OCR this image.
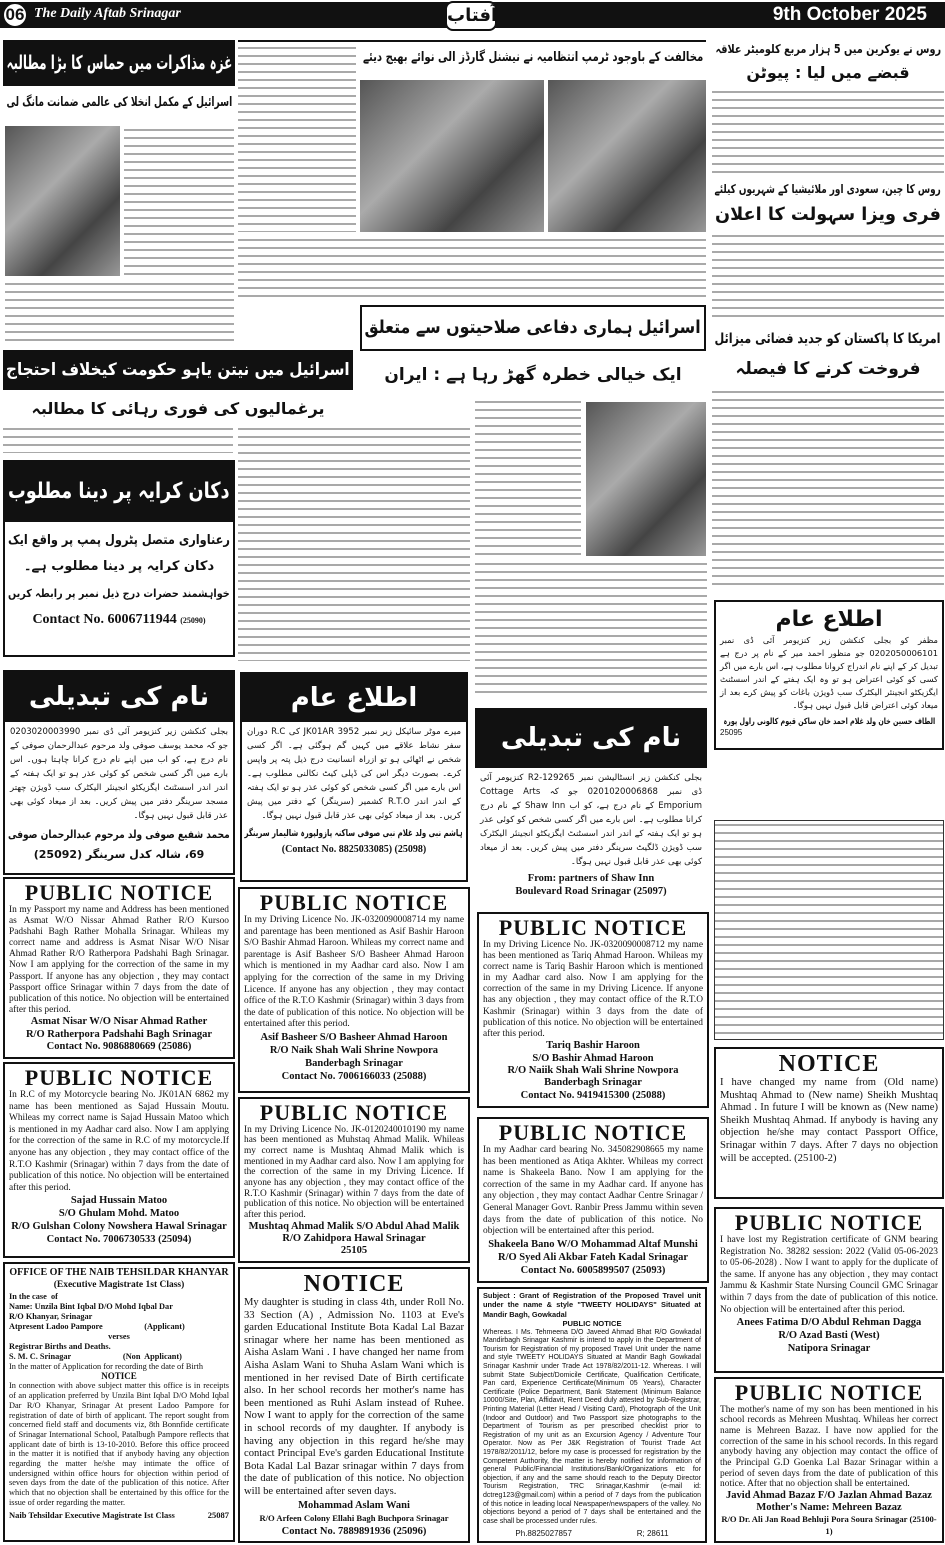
06 The Daily Aftab Srinagar	آفتاب	9th October 2025
غزہ مذاکرات میں حماس کا بڑا مطالبہ
اسرائیل کے مکمل انخلا کی عالمی ضمانت مانگ لی
مخالفت کے باوجود ٹرمپ انتظامیہ نے نیشنل گارڈز الی نوائے بھیج دیئے
روس نے یوکرین میں 5 ہزار مربع کلومیٹر علاقہ
قبضے میں لیا : پیوٹن
روس کا چین، سعودی اور ملائیشیا کے شہریوں کیلئے
فری ویزا سہولت کا اعلان
امریکا کا پاکستان کو جدید فضائی میزائل
فروخت کرنے کا فیصلہ
اسرائیل میں نیتن یاہو حکومت کیخلاف احتجاج
یرغمالیوں کی فوری رہائی کا مطالبہ
اسرائیل ہماری دفاعی صلاحیتوں سے متعلق
ایک خیالی خطرہ گھڑ رہا ہے : ایران
دکان کرایہ پر دینا مطلوب
رعناواری متصل پٹرول پمپ پر واقع ایک
دکان کرایہ پر دینا مطلوب ہے۔
خواہشمند حضرات درج ذیل نمبر پر رابطہ کریں
Contact No. 6006711944 (25090)
نام کی تبدیلی
بجلی کنکشن زیر کنزیومر آئی ڈی نمبر 0203020003990 جو کہ محمد یوسف صوفی ولد مرحوم عبدالرحمان صوفی کے نام درج ہے، کو اب میں اپنے نام درج کرانا چاہتا ہوں۔ اس بارے میں اگر کسی شخص کو کوئی عذر ہو تو ایک ہفتہ کے اندر اندر اسسٹنٹ ایگزیکٹو انجینئر الیکٹرک سب ڈویژن چھتر مسجد سرینگر دفتر میں پیش کریں۔ بعد از میعاد کوئی بھی عذر قابل قبول نہیں ہوگا۔
محمد شفیع صوفی ولد مرحوم عبدالرحمان صوفی
69، شالہ کدل سرینگر (25092)
اطلاع عام
میرے موٹر سائیکل زیر نمبر JK01AR 3952 کی R.C دوران سفر نشاط علاقے میں کہیں گم ہوگئی ہے۔ اگر کسی شخص نے اٹھائی ہو تو ازراہ انسانیت درج ذیل پتہ پر واپس کرے۔ بصورت دیگر اس کی ڈپلی کیٹ نکالنی مطلوب ہے۔ اس بارے میں اگر کسی شخص کو کوئی عذر ہو تو ایک ہفتہ کے اندر اندر R.T.O کشمیر (سرینگر) کے دفتر میں پیش کریں۔ بعد از میعاد کوئی بھی عذر قابل قبول نہیں ہوگا۔
ہاشم نبی ولد غلام نبی صوفی ساکنہ پازولپورہ شالیمار سرینگر
(Contact No. 8825033085) (25098)
نام کی تبدیلی
بجلی کنکشن زیر انسٹالیشن نمبر 129265-R2 کنزیومر آئی ڈی نمبر 0201020006868 جو کہ Cottage Arts Emporium کے نام درج ہے، کو اب Shaw Inn کے نام درج کرانا مطلوب ہے۔ اس بارے میں اگر کسی شخص کو کوئی عذر ہو تو ایک ہفتہ کے اندر اندر اسسٹنٹ ایگزیکٹو انجینئر الیکٹرک سب ڈویژن ڈلگیٹ سرینگر دفتر میں پیش کریں۔ بعد از میعاد کوئی بھی عذر قابل قبول نہیں ہوگا۔
From: partners of Shaw Inn
Boulevard Road Srinagar (25097)
اطلاع عام
مظفر کو بجلی کنکشن زیر کنزیومر آئی ڈی نمبر 0202050006101 جو منظور احمد میر کے نام پر درج ہے تبدیل کر کے اپنے نام اندراج کروانا مطلوب ہے، اس بارے میں اگر کسی کو کوئی اعتراض ہو تو وہ ایک ہفتے کے اندر اسسٹنٹ ایگزیکٹو انجینئر الیکٹرک سب ڈویژن باغات کو پیش کرے بعد از میعاد کوئی اعتراض قابل قبول نہیں ہوگا۔
الطاف حسین خان ولد غلام احمد خان ساکن قیوم کالونی راول پورہ
25095
PUBLIC NOTICE
In my Passport my name and Address has been mentioned as Asmat W/O Nissar Ahmad Rather R/O Kursoo Padshahi Bagh Rather Mohalla Srinagar. Whileas my correct name and address is Asmat Nisar W/O Nisar Ahmad Rather R/O Ratherpora Padshahi Bagh Srinagar. Now I am applying for the correction of the same in my Passport. If anyone has any objection , they may contact Passport office Srinagar within 7 days from the date of publication of this notice. No objection will be entertained after this period.
Asmat Nisar W/O Nisar Ahmad Rather
R/O Ratherpora Padshahi Bagh Srinagar
Contact No. 9086880669 (25086)
PUBLIC NOTICE
In R.C of my Motorcycle bearing No. JK01AN 6862 my name has been mentioned as Sajad Hussain Moutu. Whileas my correct name is Sajad Hussain Matoo which is mentioned in my Aadhar card also. Now I am applying for the correction of the same in R.C of my motorcycle.If anyone has any objection , they may contact office of the R.T.O Kashmir (Srinagar) within 7 days from the date of publication of this notice. No objection will be entertained after this period.
Sajad Hussain Matoo
S/O Ghulam Mohd. Matoo
R/O Gulshan Colony Nowshera Hawal Srinagar
Contact No. 7006730533 (25094)
PUBLIC NOTICE
In my Driving Licence No. JK-0320090008714 my name and parentage has been mentioned as Asif Bashir Haroon S/O Bashir Ahmad Haroon. Whileas my correct name and parentage is Asif Basheer S/O Basheer Ahmad Haroon which is mentioned in my Aadhar card also. Now I am applying for the correction of the same in my Driving Licence. If anyone has any objection , they may contact office of the R.T.O Kashmir (Srinagar) within 3 days from the date of publication of this notice. No objection will be entertained after this period.
Asif Basheer S/O Basheer Ahmad Haroon
R/O Naik Shah Wali Shrine Nowpora
Banderbagh Srinagar
Contact No. 7006166033 (25088)
PUBLIC NOTICE
In my Driving Licence No. JK-0120240010190 my name has been mentioned as Muhstaq Ahmad Malik. Whileas my correct name is Mushtaq Ahmad Malik which is mentioned in my Aadhar card also. Now I am applying for the correction of the same in my Driving Licence. If anyone has any objection , they may contact office of the R.T.O Kashmir (Srinagar) within 7 days from the date of publication of this notice. No objection will be entertained after this period.
Mushtaq Ahmad Malik S/O Abdul Ahad Malik
R/O Zahidpora Hawal Srinagar
25105
PUBLIC NOTICE
In my Driving Licence No. JK-0320090008712 my name has been mentioned as Tariq Ahmad Haroon. Whileas my correct name is Tariq Bashir Haroon which is mentioned in my Aadhar card also. Now I am applying for the correction of the same in my Driving Licence. If anyone has any objection , they may contact office of the R.T.O Kashmir (Srinagar) within 3 days from the date of publication of this notice. No objection will be entertained after this period.
Tariq Bashir Haroon
S/O Bashir Ahmad Haroon
R/O Naiik Shah Wali Shrine Nowpora
Banderbagh Srinagar
Contact No. 9419415300 (25088)
PUBLIC NOTICE
In my Aadhar card bearing No. 345082908665 my name has been mentioned as Atiqa Akhter. Whileas my correct name is Shakeela Bano. Now I am applying for the correction of the same in my Aadhar card. If anyone has any objection , they may contact Aadhar Centre Srinagar / General Manager Govt. Ranbir Press Jammu within seven days from the date of publication of this notice. No objection will be entertained after this period.
Shakeela Bano W/O Mohammad Altaf Munshi
R/O Syed Ali Akbar Fateh Kadal Srinagar
Contact No. 6005899507 (25093)
NOTICE
I have changed my name from (Old name) Mushtaq Ahmad to (New name) Sheikh Mushtaq Ahmad . In future I will be known as (New name) Sheikh Mushtaq Ahmad. If anybody is having any objection he/she may contact Passport Office, Srinagar within 7 days. After 7 days no objection will be accepted. (25100-2)
PUBLIC NOTICE
I have lost my Registration certificate of GNM bearing Registration No. 38282 session: 2022 (Valid 05-06-2023 to 05-06-2028) . Now I want to apply for the duplicate of the same. If anyone has any objection , they may contact Jammu & Kashmir State Nursing Council GMC Srinagar within 7 days from the date of publication of this notice. No objection will be entertained after this period.
Anees Fatima D/O Abdul Rehman Dagga
R/O Azad Basti (West)
Natipora Srinagar
PUBLIC NOTICE
The mother's name of my son has been mentioned in his school records as Mehreen Mushtaq. Whileas her correct name is Mehreen Bazaz. I have now applied for the correction of the same in his school records. In this regard anybody having any objection may contact the office of the Principal G.D Goenka Lal Bazar Srinagar within a period of seven days from the date of publication of this notice. After that no objection shall be entertained.
Javid Ahmad Bazaz F/O Jazlan Ahmad Bazaz
Mother's Name: Mehreen Bazaz
R/O Dr. Ali Jan Road Behluji Pora Soura Srinagar (25100-1)
NOTICE
My daughter is studing in class 4th, under Roll No. 33 Section (A) , Admission No. 1103 at Eve's garden Educational Institute Bota Kadal Lal Bazar srinagar where her name has been mentioned as Aisha Aslam Wani . I have changed her name from Aisha Aslam Wani to Shuha Aslam Wani which is mentioned in her revised Date of Birth certificate also. In her school records her mother's name has been mentioned as Ruhi Aslam instead of Ruhee. Now I want to apply for the correction of the same in school records of my daughter. If anybody is having any objection in this regard he/she may contact Principal Eve's garden Educational Institute Bota Kadal Lal Bazar srinagar within 7 days from the date of publication of this notice. No objection will be entertained after seven days.
Mohammad Aslam Wani
R/O Arfeen Colony Ellahi Bagh Buchpora Srinagar
Contact No. 7889891936 (25096)
OFFICE OF THE NAIB TEHSILDAR KHANYAR
(Executive Magistrate 1st Class)
In the case  of
Name: Unzila Bint Iqbal D/O Mohd Iqbal Dar
R/O Khanyar, Srinagar
Atpresent Ladoo Pampore                    (Applicant)
verses
Registrar Births and Deaths.
S. M. C. Srinagar                         (Non  Applicant)
In the matter of Application for recording the date of Birth
NOTICE
In connection with above subject matter this office is in receipts of an application preferred by Unzila Bint Iqbal D/O Mohd Iqbal Dar R/O Khanyar, Srinagar At present Ladoo Pampore for registration of date of birth of applicant. The report sought from concerned field staff and documents viz, 8th Bonnfide certificate of Srinagar International School, Patalbugh Pampore reflects that applicant date of birth is 13-10-2010. Before this office proceed in the matter it is notified that if anybody having any objection regarding the matter he/she may intimate the office of undersigned within office hours for objection within period of seven days from the date of the publication of this notice. After which that no objection shall be entertained by this office for the issue of order regarding the matter.
Naib Tehsildar Executive Magistrate Ist Class	25087
Subject : Grant of Registration of the Proposed Travel unit under the name & style "TWEETY HOLIDAYS" Situated at Mandir Bagh, Gowkadal
PUBLIC NOTICE
Whereas. I Ms. Tehmeena D/O Javeed Ahmad Bhat R/O Gowkadal Mandirbagh Srinagar Kashmir is intend to apply in the Department of Tourism for Registration of my proposed Travel Unit under the name and style TWEETY HOLIDAYS Situated at Mandir Bagh Gowkadal Srinagar Kashmir under Trade Act 1978/82/2011-12. Whereas. I will submit State Subject/Domicile Certificate, Qualification Certificate, Pan card, Experience Certificate(Minimum 05 Years), Character Certificate (Police Department, Bank Statement (Minimum Balance 10000/Site, Plan, Affidavit, Rent Deed duly attested by Sub-Registrar, Printing Material (Letter Head / Visiting Card), Photograph of the Unit (Indoor and Outdoor) and Two Passport size photographs to the Department of Tourism as per prescribed checklist prior to Registration of my unit as an Excursion Agency / Adventure Tour Operator. Now as Per J&K Registration of Tourist Trade Act 1978/82/2011/12, before my case is processed for registration by the Competent Authority, the matter is hereby notified for information of general Public/Financial Institutions/Bank/Organizations etc for objection, if any and the same should reach to the Deputy Director Tourism Registration, TRC Srinagar,Kashmir (e-mail id: dctreg123@gmail.com) within a period of 7 days from the publication of this notice in leading local Newspaper/newspapers of the valley. No objections beyond a period of 7 days shall be entertained and the case shall be processed under rules.
Ph.8825027857	R; 28611
